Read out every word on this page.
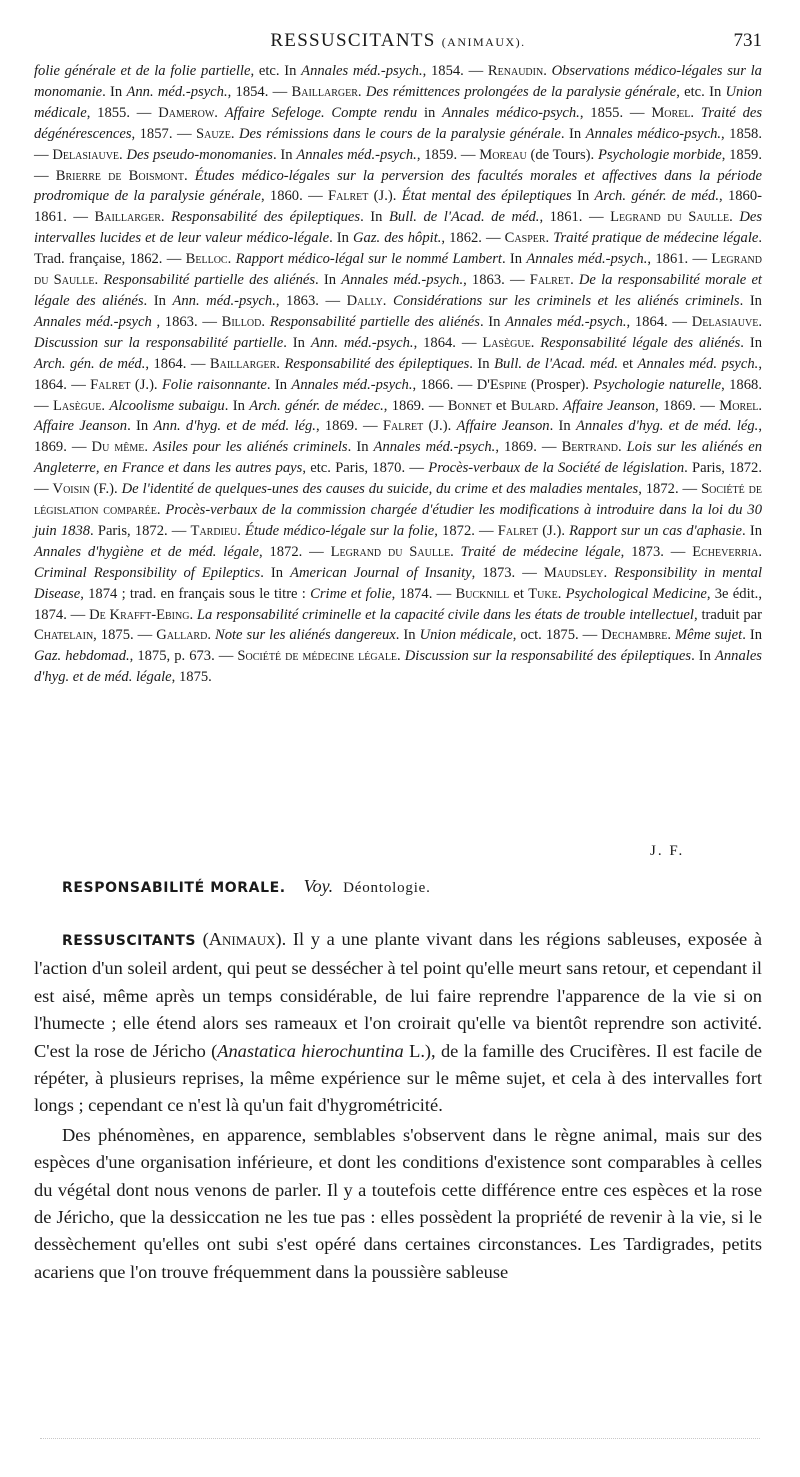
RESSUSCITANTS (ANIMAUX).	731
folie générale et de la folie partielle, etc. In Annales méd.-psych., 1854. — Renaudin. Observations médico-légales sur la monomanie. In Ann. méd.-psych., 1854. — Baillarger. Des rémittences prolongées de la paralysie générale, etc. In Union médicale, 1855. — Damerow. Affaire Sefeloge. Compte rendu in Annales médico-psych., 1855. — Morel. Traité des dégénérescences, 1857. — Sauze. Des rémissions dans le cours de la paralysie générale. In Annales médico-psych., 1858. — Delasiauve. Des pseudo-monomanies. In Annales méd.-psych., 1859. — Moreau (de Tours). Psychologie morbide, 1859. — Brierre de Boismont. Études médico-légales sur la perversion des facultés morales et affectives dans la période prodromique de la paralysie générale, 1860. — Falret (J.). État mental des épileptiques In Arch. génér. de méd., 1860-1861. — Baillarger. Responsabilité des épileptiques. In Bull. de l'Acad. de méd., 1861. — Legrand du Saulle. Des intervalles lucides et de leur valeur médico-légale. In Gaz. des hôpit., 1862. — Casper. Traité pratique de médecine légale. Trad. française, 1862. — Belloc. Rapport médico-légal sur le nommé Lambert. In Annales méd.-psych., 1861. — Legrand du Saulle. Responsabilité partielle des aliénés. In Annales méd.-psych., 1863. — Falret. De la responsabilité morale et légale des aliénés. In Ann. méd.-psych., 1863. — Dally. Considérations sur les criminels et les aliénés criminels. In Annales méd.-psych , 1863. — Billod. Responsabilité partielle des aliénés. In Annales méd.-psych., 1864. — Delasiauve. Discussion sur la responsabilité partielle. In Ann. méd.-psych., 1864. — Lasègue. Responsabilité légale des aliénés. In Arch. gén. de méd., 1864. — Baillarger. Responsabilité des épileptiques. In Bull. de l'Acad. méd. et Annales méd. psych., 1864. — Falret (J.). Folie raisonnante. In Annales méd.-psych., 1866. — D'Espine (Prosper). Psychologie naturelle, 1868. — Lasègue. Alcoolisme subaigu. In Arch. génér. de médec., 1869. — Bonnet et Bulard. Affaire Jeanson, 1869. — Morel. Affaire Jeanson. In Ann. d'hyg. et de méd. lég., 1869. — Falret (J.). Affaire Jeanson. In Annales d'hyg. et de méd. lég., 1869. — Du même. Asiles pour les aliénés criminels. In Annales méd.-psych., 1869. — Bertrand. Lois sur les aliénés en Angleterre, en France et dans les autres pays, etc. Paris, 1870. — Procès-verbaux de la Société de législation. Paris, 1872. — Voisin (F.). De l'identité de quelques-unes des causes du suicide, du crime et des maladies mentales, 1872. — Société de législation comparée. Procès-verbaux de la commission chargée d'étudier les modifications à introduire dans la loi du 30 juin 1838. Paris, 1872. — Tardieu. Étude médico-légale sur la folie, 1872. — Falret (J.). Rapport sur un cas d'aphasie. In Annales d'hygiène et de méd. légale, 1872. — Legrand du Saulle. Traité de médecine légale, 1873. — Echeverria. Criminal Responsibility of Epileptics. In American Journal of Insanity, 1873. — Maudsley. Responsibility in mental Disease, 1874 ; trad. en français sous le titre : Crime et folie, 1874. — Bucknill et Tuke. Psychological Medicine, 3e édit., 1874. — De Krafft-Ebing. La responsabilité criminelle et la capacité civile dans les états de trouble intellectuel, traduit par Chatelain, 1875. — Gallard. Note sur les aliénés dangereux. In Union médicale, oct. 1875. — Dechambre. Même sujet. In Gaz. hebdomad., 1875, p. 673. — Société de médecine légale. Discussion sur la responsabilité des épileptiques. In Annales d'hyg. et de méd. légale, 1875.
J. F.
RESPONSABILITÉ MORALE. Voy. Déontologie.

RESSUSCITANTS (Animaux). Il y a une plante vivant dans les régions sableuses, exposée à l'action d'un soleil ardent, qui peut se dessécher à tel point qu'elle meurt sans retour, et cependant il est aisé, même après un temps considérable, de lui faire reprendre l'apparence de la vie si on l'humecte ; elle étend alors ses rameaux et l'on croirait qu'elle va bientôt reprendre son activité. C'est la rose de Jéricho (Anastatica hierochuntina L.), de la famille des Crucifères. Il est facile de répéter, à plusieurs reprises, la même expérience sur le même sujet, et cela à des intervalles fort longs ; cependant ce n'est là qu'un fait d'hygrométricité.

Des phénomènes, en apparence, semblables s'observent dans le règne animal, mais sur des espèces d'une organisation inférieure, et dont les conditions d'existence sont comparables à celles du végétal dont nous venons de parler. Il y a toutefois cette différence entre ces espèces et la rose de Jéricho, que la dessiccation ne les tue pas : elles possèdent la propriété de revenir à la vie, si le dessèchement qu'elles ont subi s'est opéré dans certaines circonstances. Les Tardigrades, petits acariens que l'on trouve fréquemment dans la poussière sableuse
